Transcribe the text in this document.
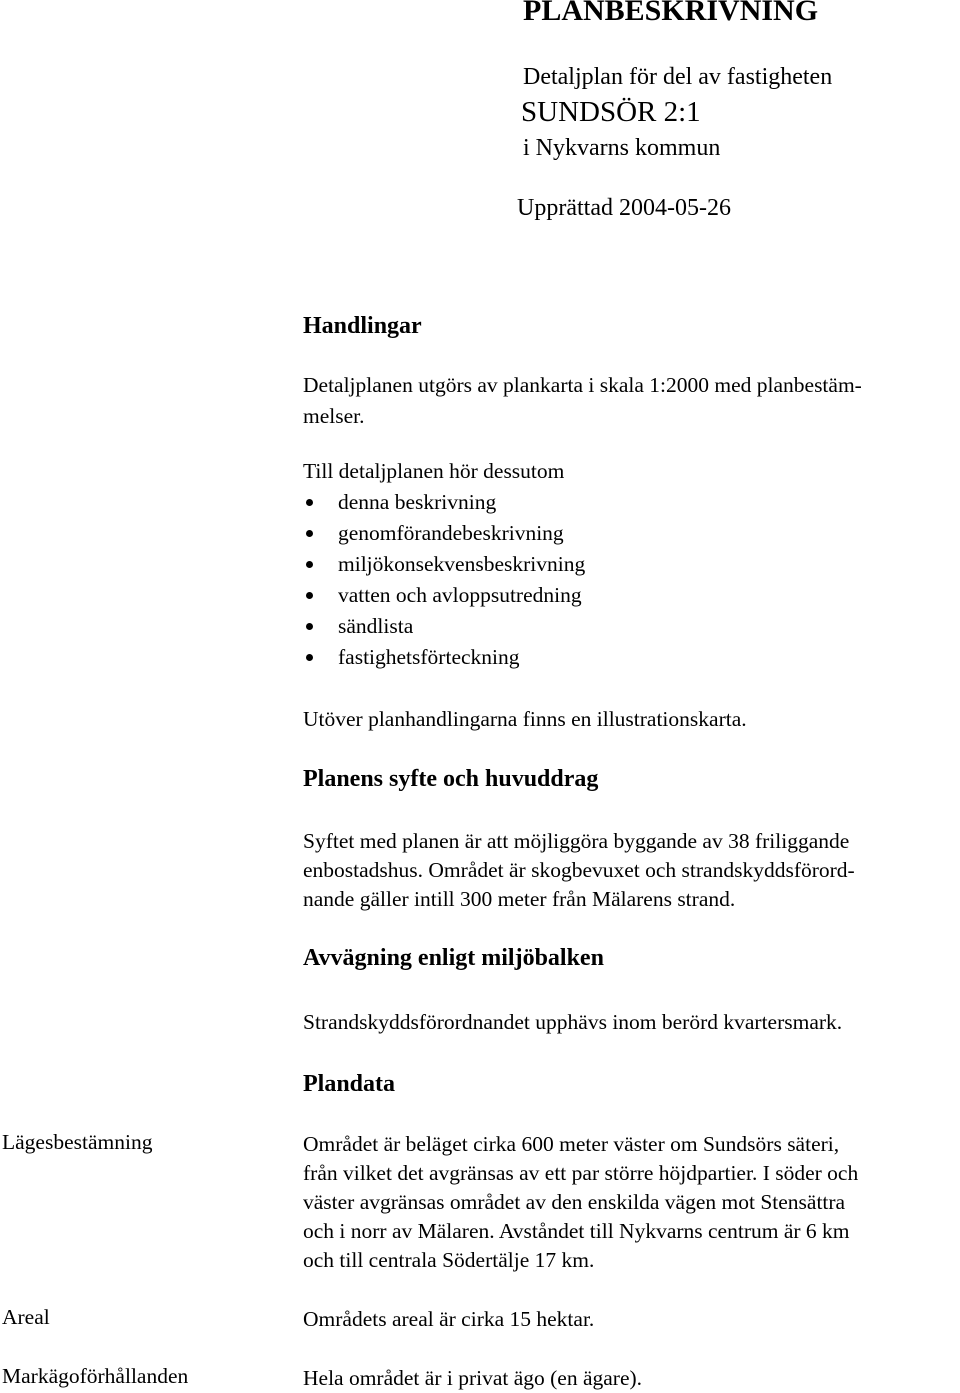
PLANBESKRIVNING
Detaljplan för del av fastigheten
SUNDSÖR 2:1
i Nykvarns kommun
Upprättad 2004-05-26
Handlingar
Detaljplanen utgörs av plankarta i skala 1:2000 med planbestäm-
melser.
Till detaljplanen hör dessutom
denna beskrivning
genomförandebeskrivning
miljökonsekvensbeskrivning
vatten och avloppsutredning
sändlista
fastighetsförteckning
Utöver planhandlingarna finns en illustrationskarta.
Planens syfte och huvuddrag
Syftet med planen är att möjliggöra byggande av 38 friliggande
enbostadshus. Området är skogbevuxet och strandskyddsförord-
nande gäller intill 300 meter från Mälarens strand.
Avvägning enligt miljöbalken
Strandskyddsförordnandet upphävs inom berörd kvartersmark.
Plandata
Lägesbestämning	Området är beläget cirka 600 meter väster om Sundsörs säteri,
från vilket det avgränsas av ett par större höjdpartier. I söder och
väster avgränsas området av den enskilda vägen mot Stensättra
och i norr av Mälaren. Avståndet till Nykvarns centrum är 6 km
och till centrala Södertälje 17 km.
Areal	Områdets areal är cirka 15 hektar.
Markägoförhållanden	Hela området är i privat ägo (en ägare).
